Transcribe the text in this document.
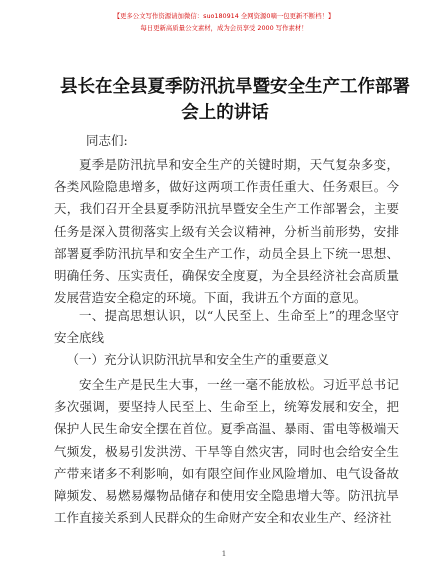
【更多公文写作资源请加微信：suo180914 全网资源0嘀一包更新不断档！】
每日更新高质量公文素材，成为会员享受 2000 写作素材！
县长在全县夏季防汛抗旱暨安全生产工作部署
会上的讲话

同志们:

夏季是防汛抗旱和安全生产的关键时期，天气复杂多变，各类风险隐患增多，做好这两项工作责任重大、任务艰巨。今天，我们召开全县夏季防汛抗旱暨安全生产工作部署会，主要任务是深入贯彻落实上级有关会议精神，分析当前形势，安排部署夏季防汛抗旱和安全生产工作，动员全县上下统一思想、明确任务、压实责任，确保安全度夏，为全县经济社会高质量发展营造安全稳定的环境。下面，我讲五个方面的意见。

一、提高思想认识，以“人民至上、生命至上”的理念坚守安全底线

（一）充分认识防汛抗旱和安全生产的重要意义

安全生产是民生大事，一丝一毫不能放松。习近平总书记多次强调，要坚持人民至上、生命至上，统筹发展和安全，把保护人民生命安全摆在首位。夏季高温、暴雨、雷电等极端天气频发，极易引发洪涝、干旱等自然灾害，同时也会给安全生产带来诸多不利影响，如有限空间作业风险增加、电气设备故障频发、易燃易爆物品储存和使用安全隐患增大等。防汛抗旱工作直接关系到人民群众的生命财产安全和农业生产、经济社

1
